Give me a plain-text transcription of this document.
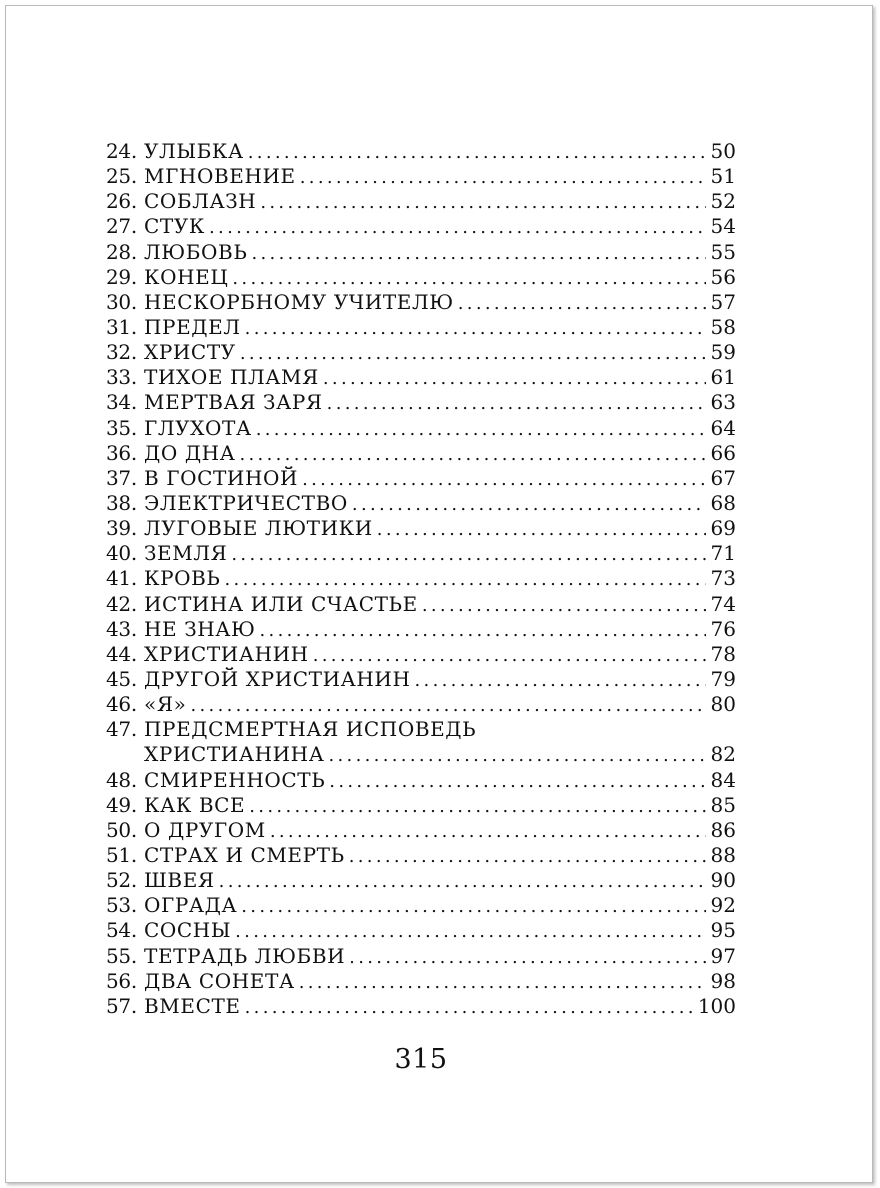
24. УЛЫБКА . . .	50
25. МГНОВЕНИЕ . . .	51
26. СОБЛАЗН . . .	52
27. СТУК . . .	54
28. ЛЮБОВЬ . . .	55
29. КОНЕЦ . . .	56
30. НЕСКОРБНОМУ УЧИТЕЛЮ . . .	57
31. ПРЕДЕЛ . . .	58
32. ХРИСТУ . . .	59
33. ТИХОЕ ПЛАМЯ . . .	61
34. МЕРТВАЯ ЗАРЯ . . .	63
35. ГЛУХОТА . . .	64
36. ДО ДНА . . .	66
37. В ГОСТИНОЙ . . .	67
38. ЭЛЕКТРИЧЕСТВО . . .	68
39. ЛУГОВЫЕ ЛЮТИКИ . . .	69
40. ЗЕМЛЯ . . .	71
41. КРОВЬ . . .	73
42. ИСТИНА ИЛИ СЧАСТЬЕ . . .	74
43. НЕ ЗНАЮ . . .	76
44. ХРИСТИАНИН . . .	78
45. ДРУГОЙ ХРИСТИАНИН . . .	79
46. «Я» . . .	80
47. ПРЕДСМЕРТНАЯ ИСПОВЕДЬ
ХРИСТИАНИНА . . .	82
48. СМИРЕННОСТЬ . . .	84
49. КАК ВСЕ . . .	85
50. О ДРУГОМ . . .	86
51. СТРАХ И СМЕРТЬ . . .	88
52. ШВЕЯ . . .	90
53. ОГРАДА . . .	92
54. СОСНЫ . . .	95
55. ТЕТРАДЬ ЛЮБВИ . . .	97
56. ДВА СОНЕТА . . .	98
57. ВМЕСТЕ . . .	100
315
